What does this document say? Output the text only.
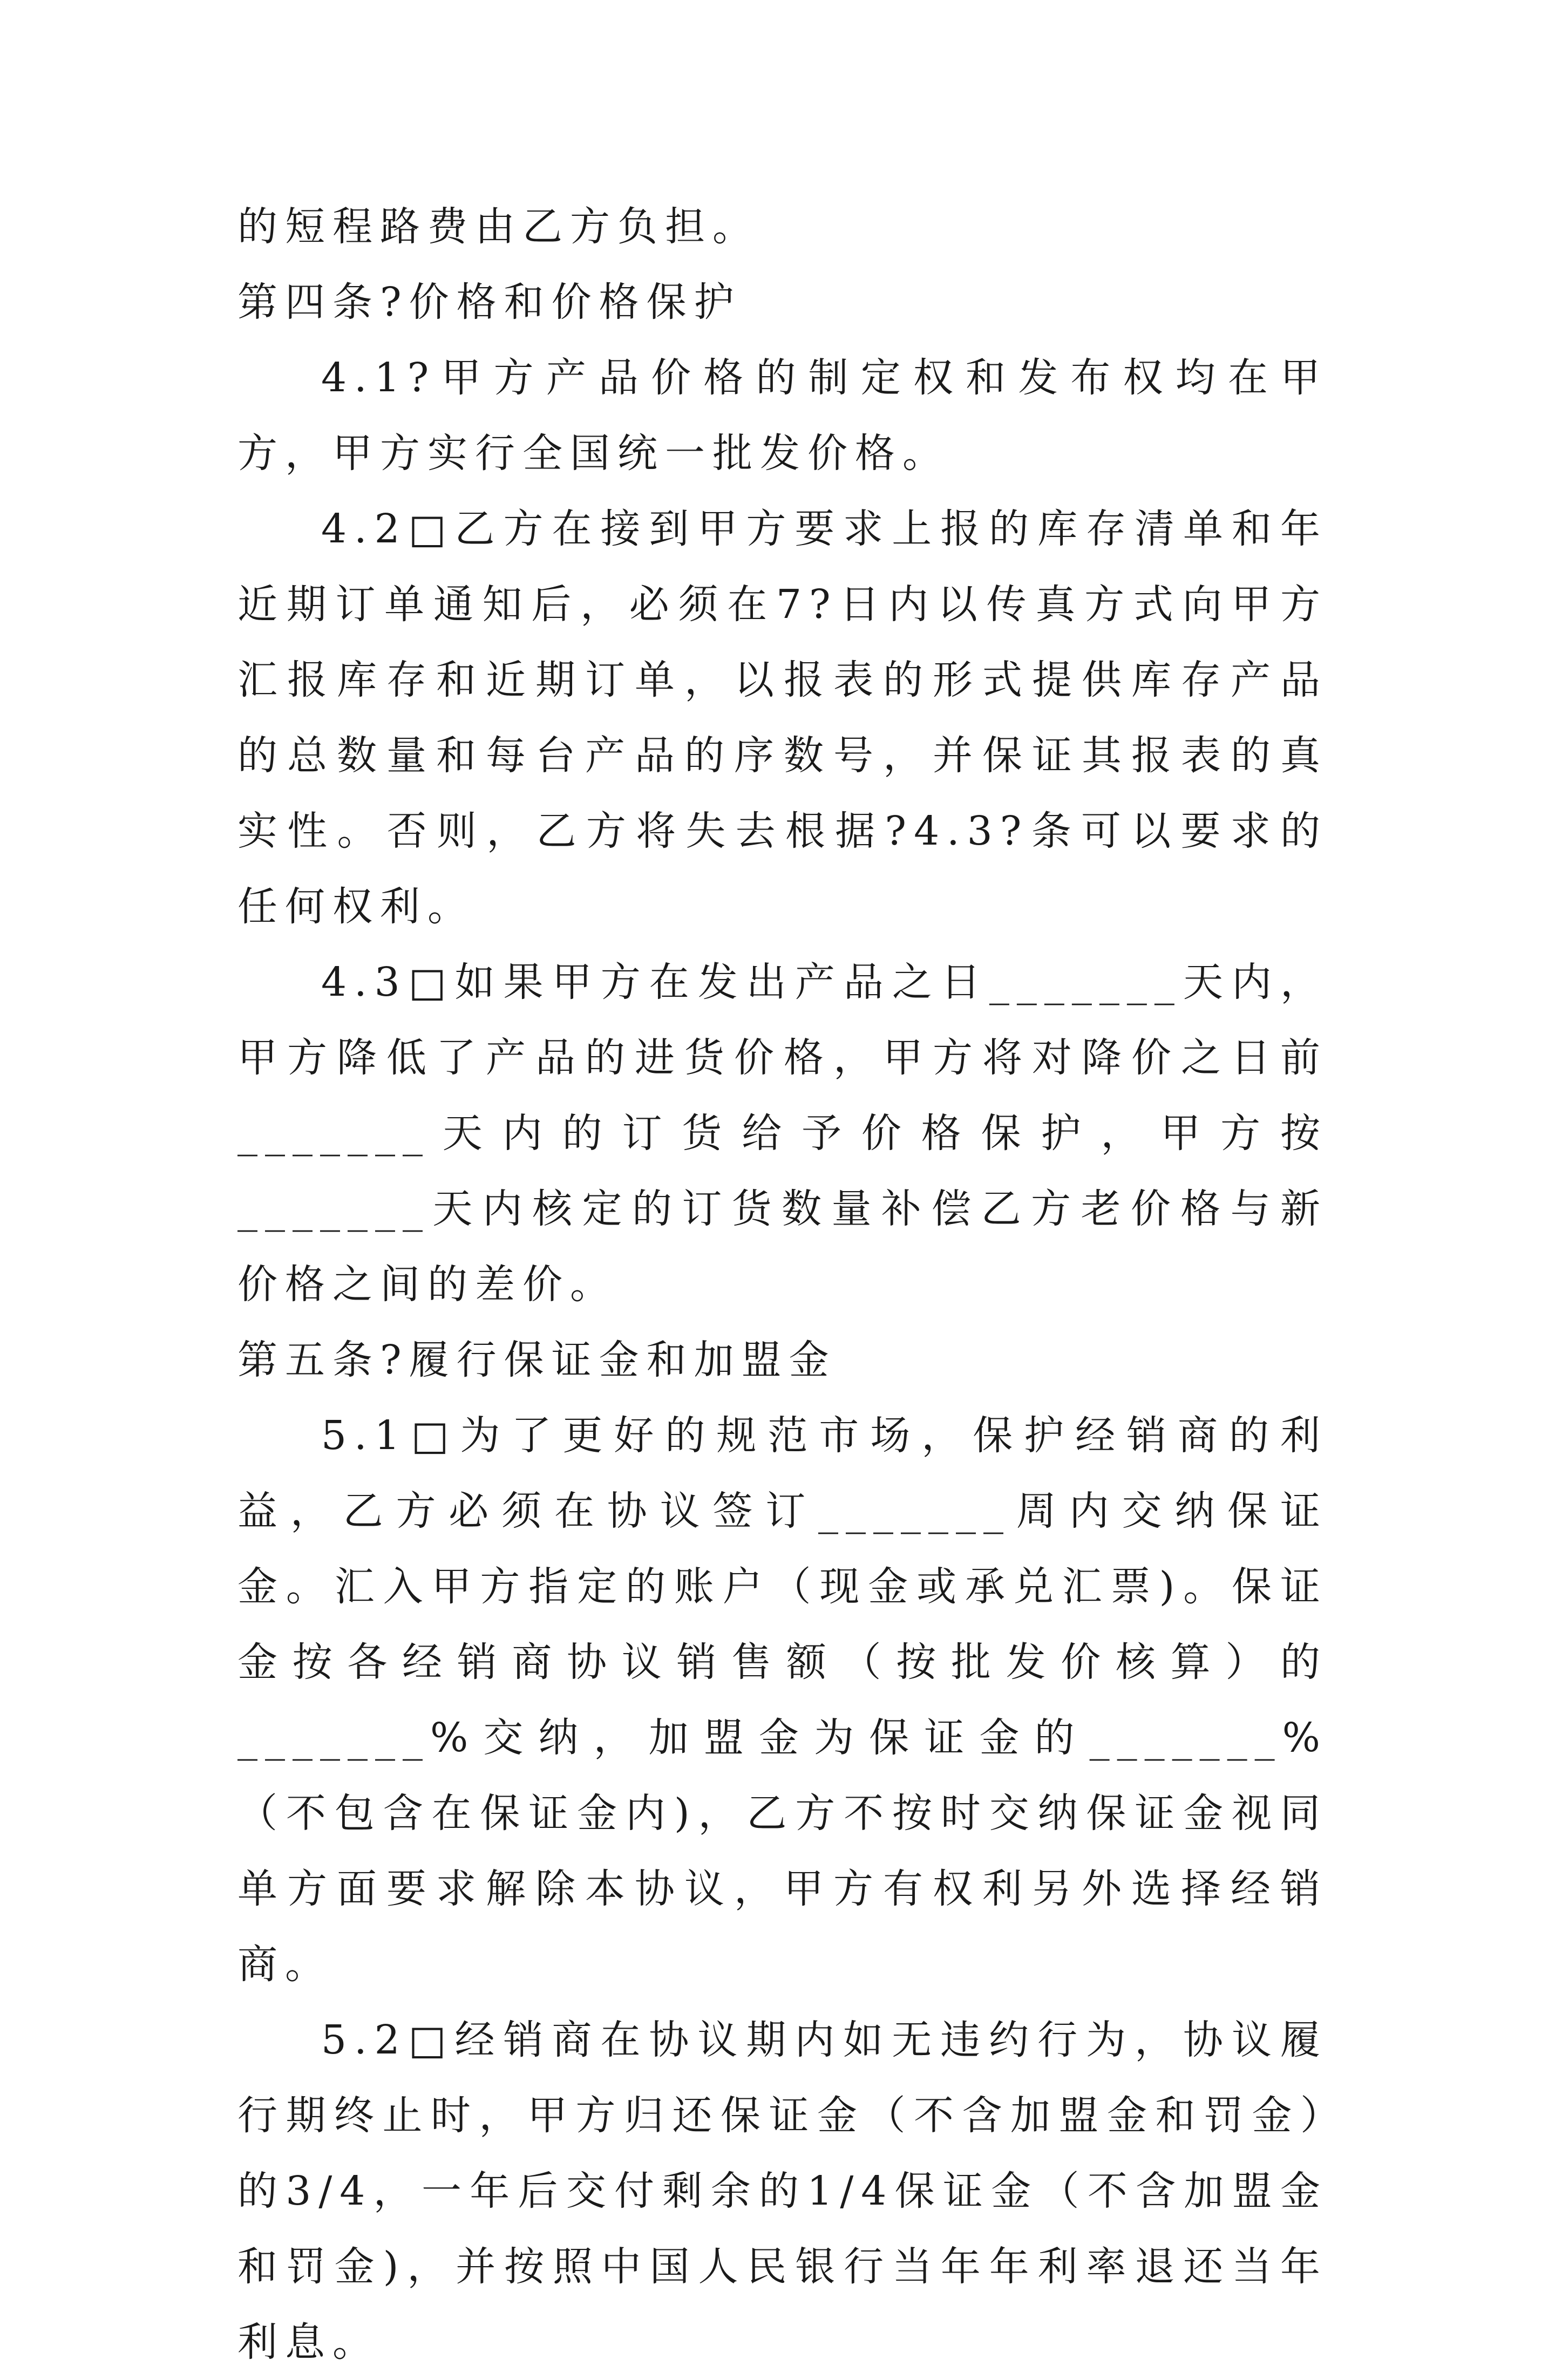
的短程路费由乙方负担。

第四条?价格和价格保护

4.1?甲方产品价格的制定权和发布权均在甲方，甲方实行全国统一批发价格。

4.2□乙方在接到甲方要求上报的库存清单和年近期订单通知后，必须在7?日内以传真方式向甲方汇报库存和近期订单，以报表的形式提供库存产品的总数量和每台产品的序数号，并保证其报表的真实性。否则，乙方将失去根据?4.3?条可以要求的任何权利。

4.3□如果甲方在发出产品之日_______天内，甲方降低了产品的进货价格，甲方将对降价之日前_______天内的订货给予价格保护，甲方按_______天内核定的订货数量补偿乙方老价格与新价格之间的差价。

第五条?履行保证金和加盟金

5.1□为了更好的规范市场，保护经销商的利益，乙方必须在协议签订_______周内交纳保证金。汇入甲方指定的账户（现金或承兑汇票)。保证金按各经销商协议销售额（按批发价核算）的_______%交纳，加盟金为保证金的_______%（不包含在保证金内)，乙方不按时交纳保证金视同单方面要求解除本协议，甲方有权利另外选择经销商。

5.2□经销商在协议期内如无违约行为，协议履行期终止时，甲方归还保证金（不含加盟金和罚金）的3/4，一年后交付剩余的1/4保证金（不含加盟金和罚金)，并按照中国人民银行当年年利率退还当年利息。
